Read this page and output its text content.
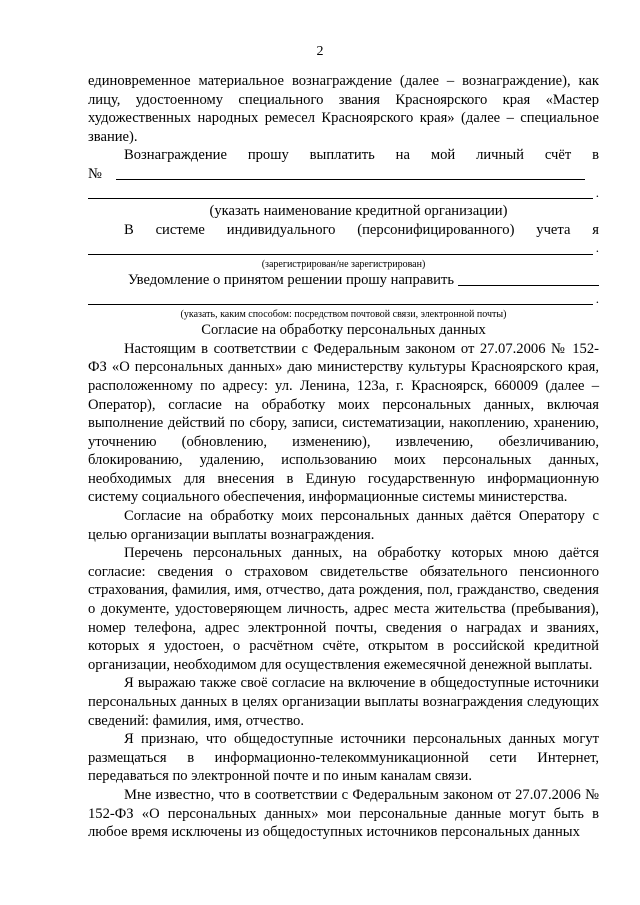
2

единовременное материальное вознаграждение (далее – вознаграждение), как лицу, удостоенному специального звания Красноярского края «Мастер художественных народных ремесел Красноярского края» (далее – специальное звание).

Вознаграждение прошу выплатить на мой личный счёт в

№
.
(указать наименование кредитной организации)

В системе индивидуального (персонифицированного) учета я

.
(зарегистрирован/не зарегистрирован)
Уведомление о принятом решении прошу направить
.
(указать, каким способом: посредством почтовой связи, электронной почты)
Согласие на обработку персональных данных

Настоящим в соответствии с Федеральным законом от 27.07.2006 № 152-ФЗ «О персональных данных» даю министерству культуры Красноярского края, расположенному по адресу: ул. Ленина, 123а, г. Красноярск, 660009 (далее – Оператор), согласие на обработку моих персональных данных, включая выполнение действий по сбору, записи, систематизации, накоплению, хранению, уточнению (обновлению, изменению), извлечению, обезличиванию, блокированию, удалению, использованию моих персональных данных, необходимых для внесения в Единую государственную информационную систему социального обеспечения, информационные системы министерства.

Согласие на обработку моих персональных данных даётся Оператору с целью организации выплаты вознаграждения.

Перечень персональных данных, на обработку которых мною даётся согласие: сведения о страховом свидетельстве обязательного пенсионного страхования, фамилия, имя, отчество, дата рождения, пол, гражданство, сведения о документе, удостоверяющем личность, адрес места жительства (пребывания), номер телефона, адрес электронной почты, сведения о наградах и званиях, которых я удостоен, о расчётном счёте, открытом в российской кредитной организации, необходимом для осуществления ежемесячной денежной выплаты.

Я выражаю также своё согласие на включение в общедоступные источники персональных данных в целях организации выплаты вознаграждения следующих сведений: фамилия, имя, отчество.

Я признаю, что общедоступные источники персональных данных могут размещаться в информационно-телекоммуникационной сети Интернет, передаваться по электронной почте и по иным каналам связи.

Мне известно, что в соответствии с Федеральным законом от 27.07.2006 № 152-ФЗ «О персональных данных» мои персональные данные могут быть в любое время исключены из общедоступных источников персональных данных
